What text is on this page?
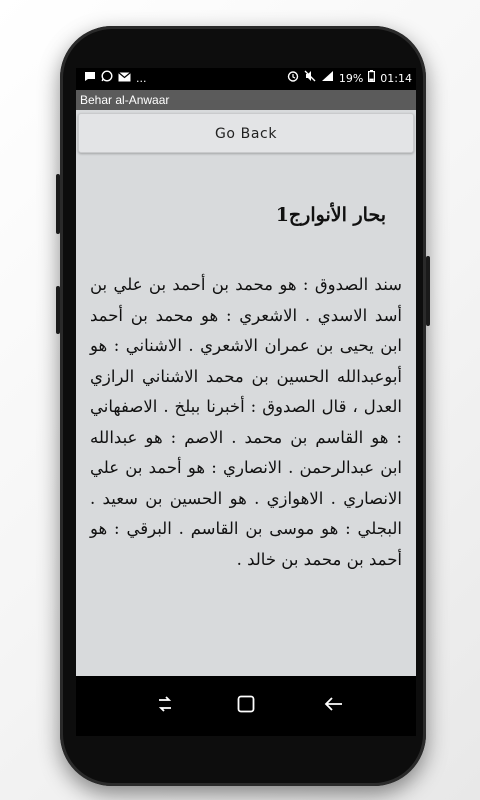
...	19% 01:14
Behar al-Anwaar
Go Back
بحار الأنوارج1
سند الصدوق : هو محمد بن أحمد بن علي بن أسد الاسدي . الاشعري : هو محمد بن أحمد ابن يحيى بن عمران الاشعري . الاشناني : هو أبوعبدالله الحسين بن محمد الاشناني الرازي العدل ، قال الصدوق : أخبرنا ببلخ . الاصفهاني : هو القاسم بن محمد . الاصم : هو عبدالله ابن عبدالرحمن . الانصاري : هو أحمد بن علي الانصاري . الاهوازي . هو الحسين بن سعيد . البجلي : هو موسى بن القاسم . البرقي : هو أحمد بن محمد بن خالد .
